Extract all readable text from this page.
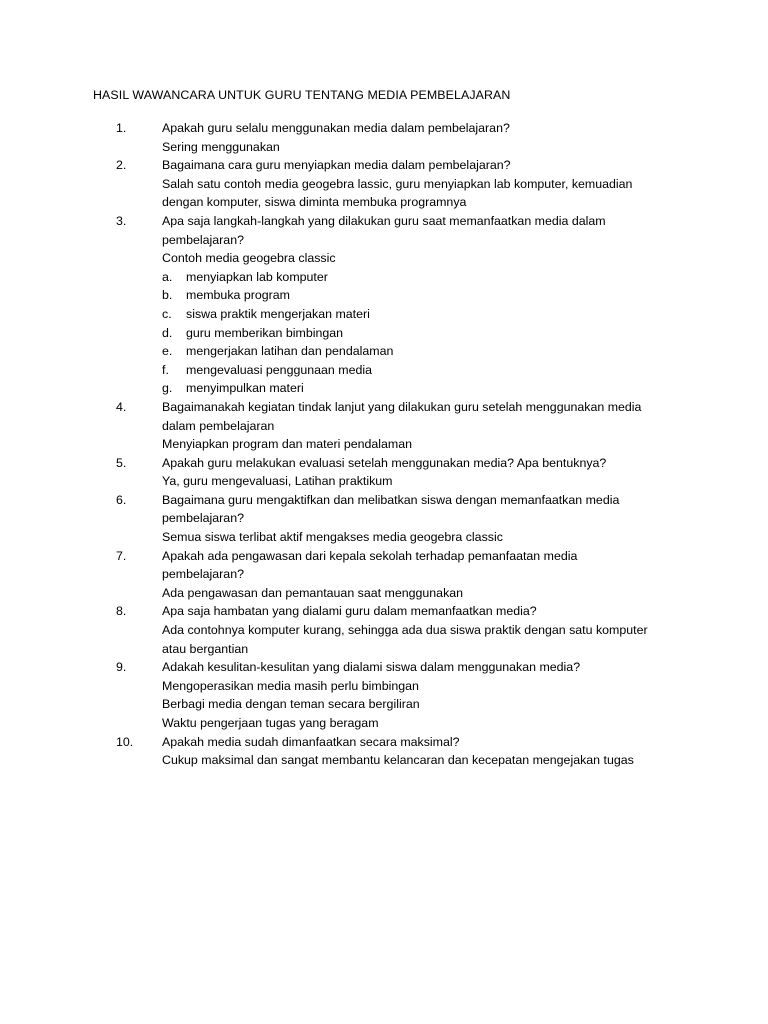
HASIL WAWANCARA UNTUK GURU TENTANG MEDIA PEMBELAJARAN
1.	Apakah guru selalu menggunakan media dalam pembelajaran?
Sering menggunakan
2.	Bagaimana cara guru menyiapkan media dalam pembelajaran?
Salah satu contoh media geogebra lassic, guru menyiapkan lab komputer, kemuadian
dengan komputer, siswa diminta membuka programnya
3.	Apa saja langkah-langkah yang dilakukan guru saat memanfaatkan media dalam
pembelajaran?
Contoh media geogebra classic
a. menyiapkan lab komputer
b. membuka program
c. siswa praktik mengerjakan materi
d. guru memberikan bimbingan
e. mengerjakan latihan dan pendalaman
f. mengevaluasi penggunaan media
g. menyimpulkan materi
4.	Bagaimanakah kegiatan tindak lanjut yang dilakukan guru setelah menggunakan media
dalam pembelajaran
Menyiapkan program dan materi pendalaman
5.	Apakah guru melakukan evaluasi setelah menggunakan media? Apa bentuknya?
Ya, guru mengevaluasi, Latihan praktikum
6.	Bagaimana guru mengaktifkan dan melibatkan siswa dengan memanfaatkan media
pembelajaran?
Semua siswa terlibat aktif mengakses media geogebra classic
7.	Apakah ada pengawasan dari kepala sekolah terhadap pemanfaatan media
pembelajaran?
Ada pengawasan dan pemantauan saat menggunakan
8.	Apa saja hambatan yang dialami guru dalam memanfaatkan media?
Ada contohnya komputer kurang, sehingga ada dua siswa praktik dengan satu komputer
atau bergantian
9.	Adakah kesulitan-kesulitan yang dialami siswa dalam menggunakan media?
Mengoperasikan media masih perlu bimbingan
Berbagi media dengan teman secara bergiliran
Waktu pengerjaan tugas yang beragam
10. Apakah media sudah dimanfaatkan secara maksimal?
Cukup maksimal dan sangat membantu kelancaran dan kecepatan mengejakan tugas
